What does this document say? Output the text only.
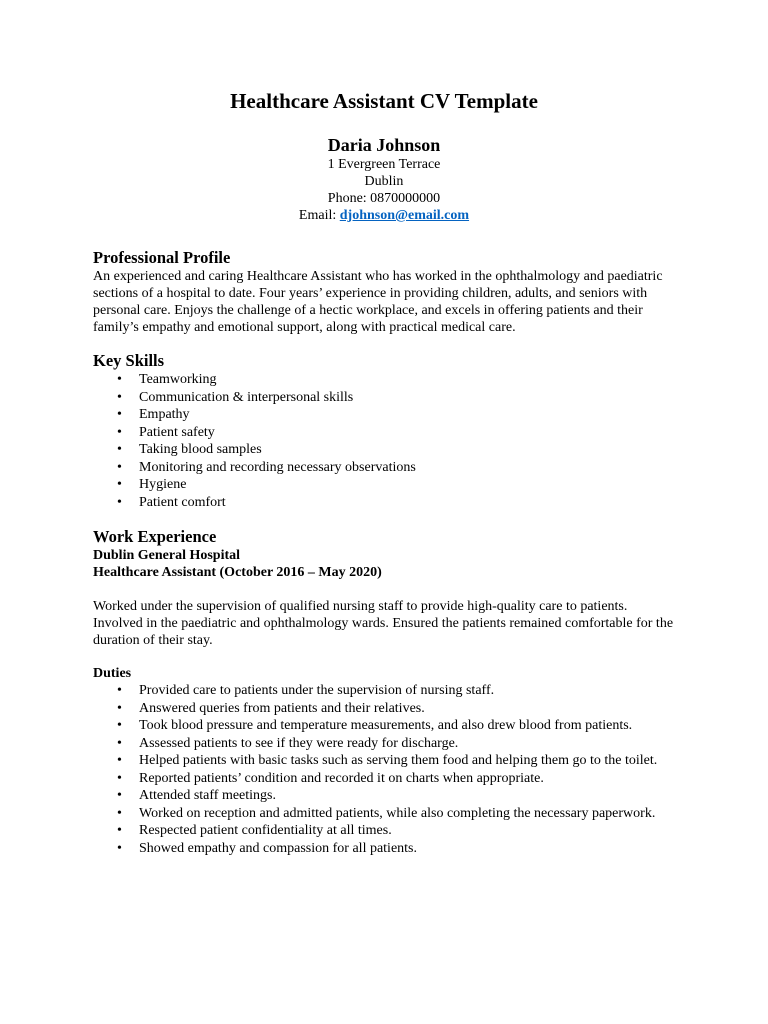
Healthcare Assistant CV Template
Daria Johnson
1 Evergreen Terrace
Dublin
Phone: 0870000000
Email: djohnson@email.com
Professional Profile

An experienced and caring Healthcare Assistant who has worked in the ophthalmology and paediatric sections of a hospital to date. Four years’ experience in providing children, adults, and seniors with personal care. Enjoys the challenge of a hectic workplace, and excels in offering patients and their family’s empathy and emotional support, along with practical medical care.

Key Skills
• Teamworking
• Communication & interpersonal skills
• Empathy
• Patient safety
• Taking blood samples
• Monitoring and recording necessary observations
• Hygiene
• Patient comfort
Work Experience

Dublin General Hospital

Healthcare Assistant (October 2016 – May 2020)

Worked under the supervision of qualified nursing staff to provide high-quality care to patients. Involved in the paediatric and ophthalmology wards. Ensured the patients remained comfortable for the duration of their stay.

Duties

• Provided care to patients under the supervision of nursing staff.
• Answered queries from patients and their relatives.
• Took blood pressure and temperature measurements, and also drew blood from patients.
• Assessed patients to see if they were ready for discharge.
• Helped patients with basic tasks such as serving them food and helping them go to the toilet.
• Reported patients’ condition and recorded it on charts when appropriate.
• Attended staff meetings.
• Worked on reception and admitted patients, while also completing the necessary paperwork.
• Respected patient confidentiality at all times.
• Showed empathy and compassion for all patients.
